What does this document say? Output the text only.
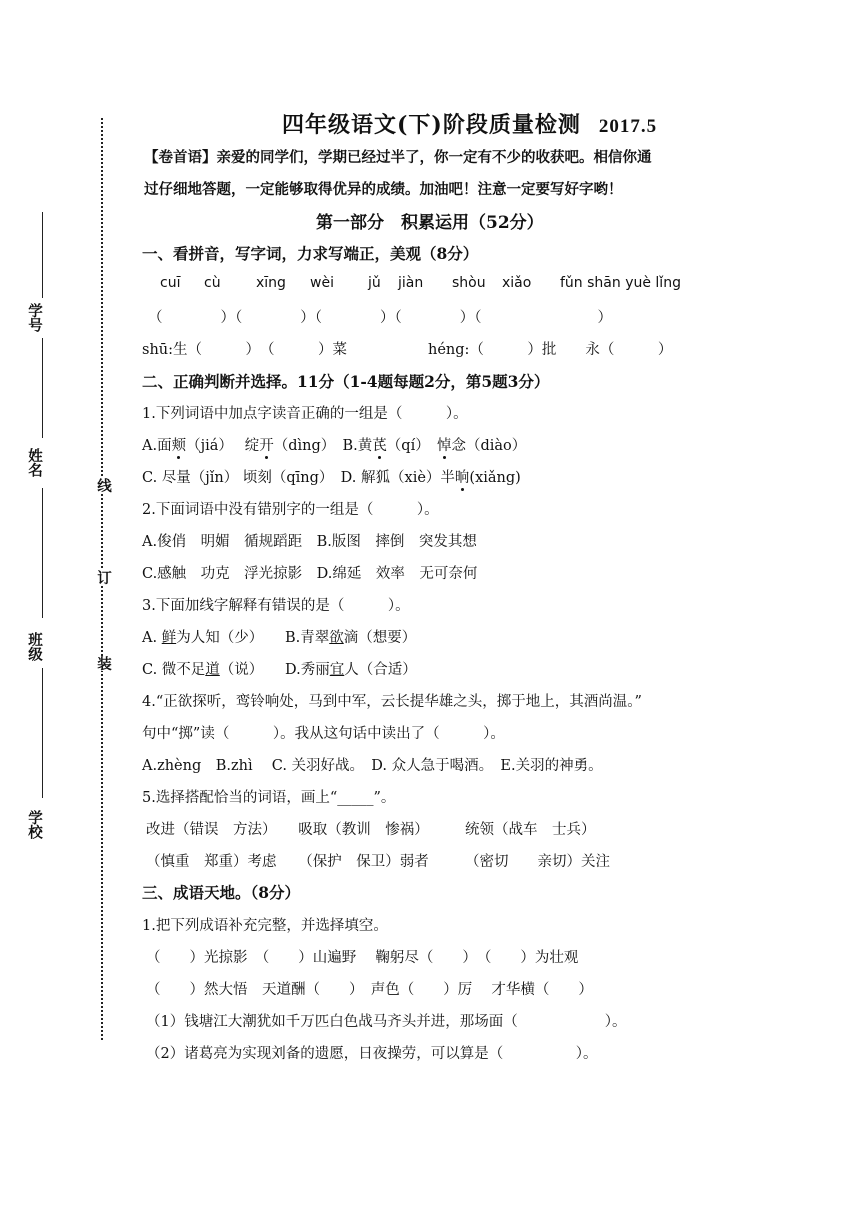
学号
姓名
班级
学校
线
订
装
四年级语文(下)阶段质量检测 2017.5
【卷首语】亲爱的同学们，学期已经过半了，你一定有不少的收获吧。相信你通
过仔细地答题，一定能够取得优异的成绩。加油吧！注意一定要写好字哟！
第一部分　积累运用（52分）
一、看拼音，写字词，力求写端正，美观（8分）
cuī cù	xīng wèi jǔ jiàn shòu xiǎo fǔn shān yuè lǐng
（　　　　）（　　　　）（　　　　）（　　　　）（　　　　　　　　）
shū:生（　　　）　（　　　）菜	héng:（　　　）批　　永（　　　）
二、正确判断并选择。11分（1-4题每题2分，第5题3分）
1.下列词语中加点字读音正确的一组是（　　　）。
A.面颊（jiá）　 绽开（dìng）　B.黄芪（qí）　悼念（diào）
C. 尽量（jǐn） 顷刻（qīng）　D. 解狐（xiè）半晌(xiǎng)
2.下面词语中没有错别字的一组是（　　　）。
A.俊俏　明媚　循规蹈距　B.版图　摔倒　突发其想
C.感触　功克　浮光掠影　D.绵延　效率　无可奈何
3.下面加线字解释有错误的是（　　　）。
A. 鲜为人知（少）　　B.青翠欲滴（想要）
C. 微不足道（说）　　D.秀丽宜人（合适）
4.“正欲探听，鸾铃响处，马到中军，云长提华雄之头，掷于地上，其酒尚温。”
句中“掷”读（　　　）。我从这句话中读出了（　　　）。
A.zhèng　B.zhì　 C. 关羽好战。　D. 众人急于喝酒。　E.关羽的神勇。
5.选择搭配恰当的词语，画上“_____”。
改进（错误　方法）　　吸取（教训　惨祸）　　　统领（战车　士兵）
（慎重　郑重）考虑　　（保护　保卫）弱者　　　（密切　　亲切）关注
三、成语天地。（8分）
1.把下列成语补充完整，并选择填空。
（　　）光掠影　（　　）山遍野　 鞠躬尽（　　）　（　　）为壮观
（　　）然大悟　天道酬（　　）　声色（　　）厉　 才华横（　　）
（1）钱塘江大潮犹如千万匹白色战马齐头并进，那场面（　　　　　　）。
（2）诸葛亮为实现刘备的遗愿，日夜操劳，可以算是（　　　　　）。
